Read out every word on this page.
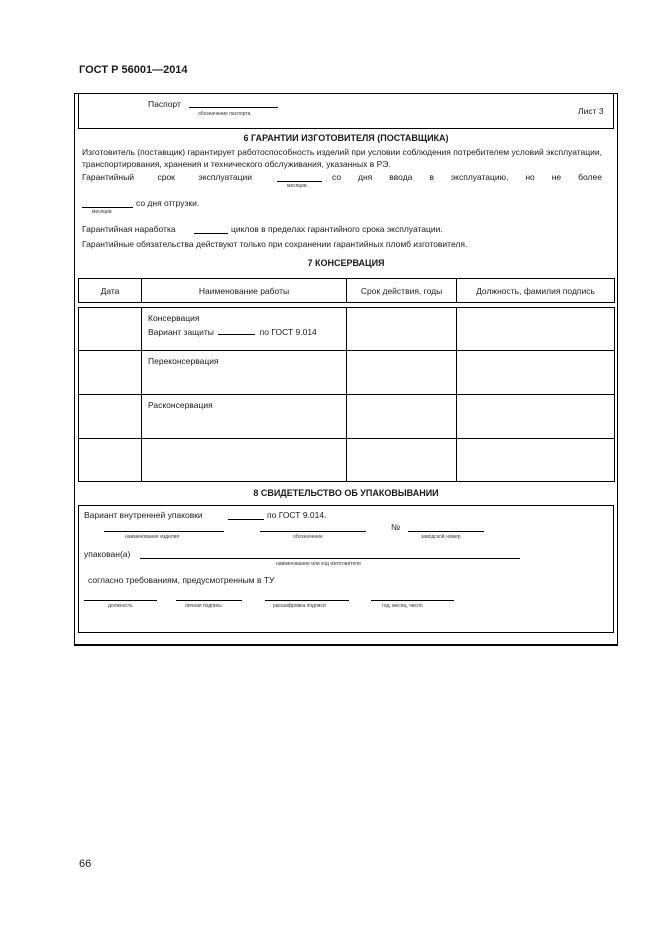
ГОСТ Р 56001—2014
Паспорт
обозначение паспорта	Лист 3
6 ГАРАНТИИ ИЗГОТОВИТЕЛЯ (ПОСТАВЩИКА)
Изготовитель (поставщик) гарантирует работоспособность изделий при условии соблюдения потребителем условий эксплуатации, транспортирования, хранения и технического обслуживания, указанных в РЭ.
Гарантийный	срок	эксплуатации
месяцев
со дня ввода в эксплуатацию, но не более
со дня отгрузки.
месяцев
Гарантийная наработка	циклов в пределах гарантийного срока эксплуатации.
Гарантийные обязательства действуют только при сохранении гарантийных пломб изготовителя.
7 КОНСЕРВАЦИЯ
Дата	Наименование работы	Срок действия, годы	Должность, фамилия подпись

	Консервация
Вариант защиты по ГОСТ 9.014		

	Переконсервация		
	Расконсервация		

8 СВИДЕТЕЛЬСТВО ОБ УПАКОВЫВАНИИ
Вариант внутренней упаковки	по ГОСТ 9.014.
наименование изделия	обозначение
№
заводской номер
упакован(а)
наименование или код изготовителя
согласно требованиям, предусмотренным в ТУ
должность	личная подпись	расшифровка подписи	год, месяц, число
66
